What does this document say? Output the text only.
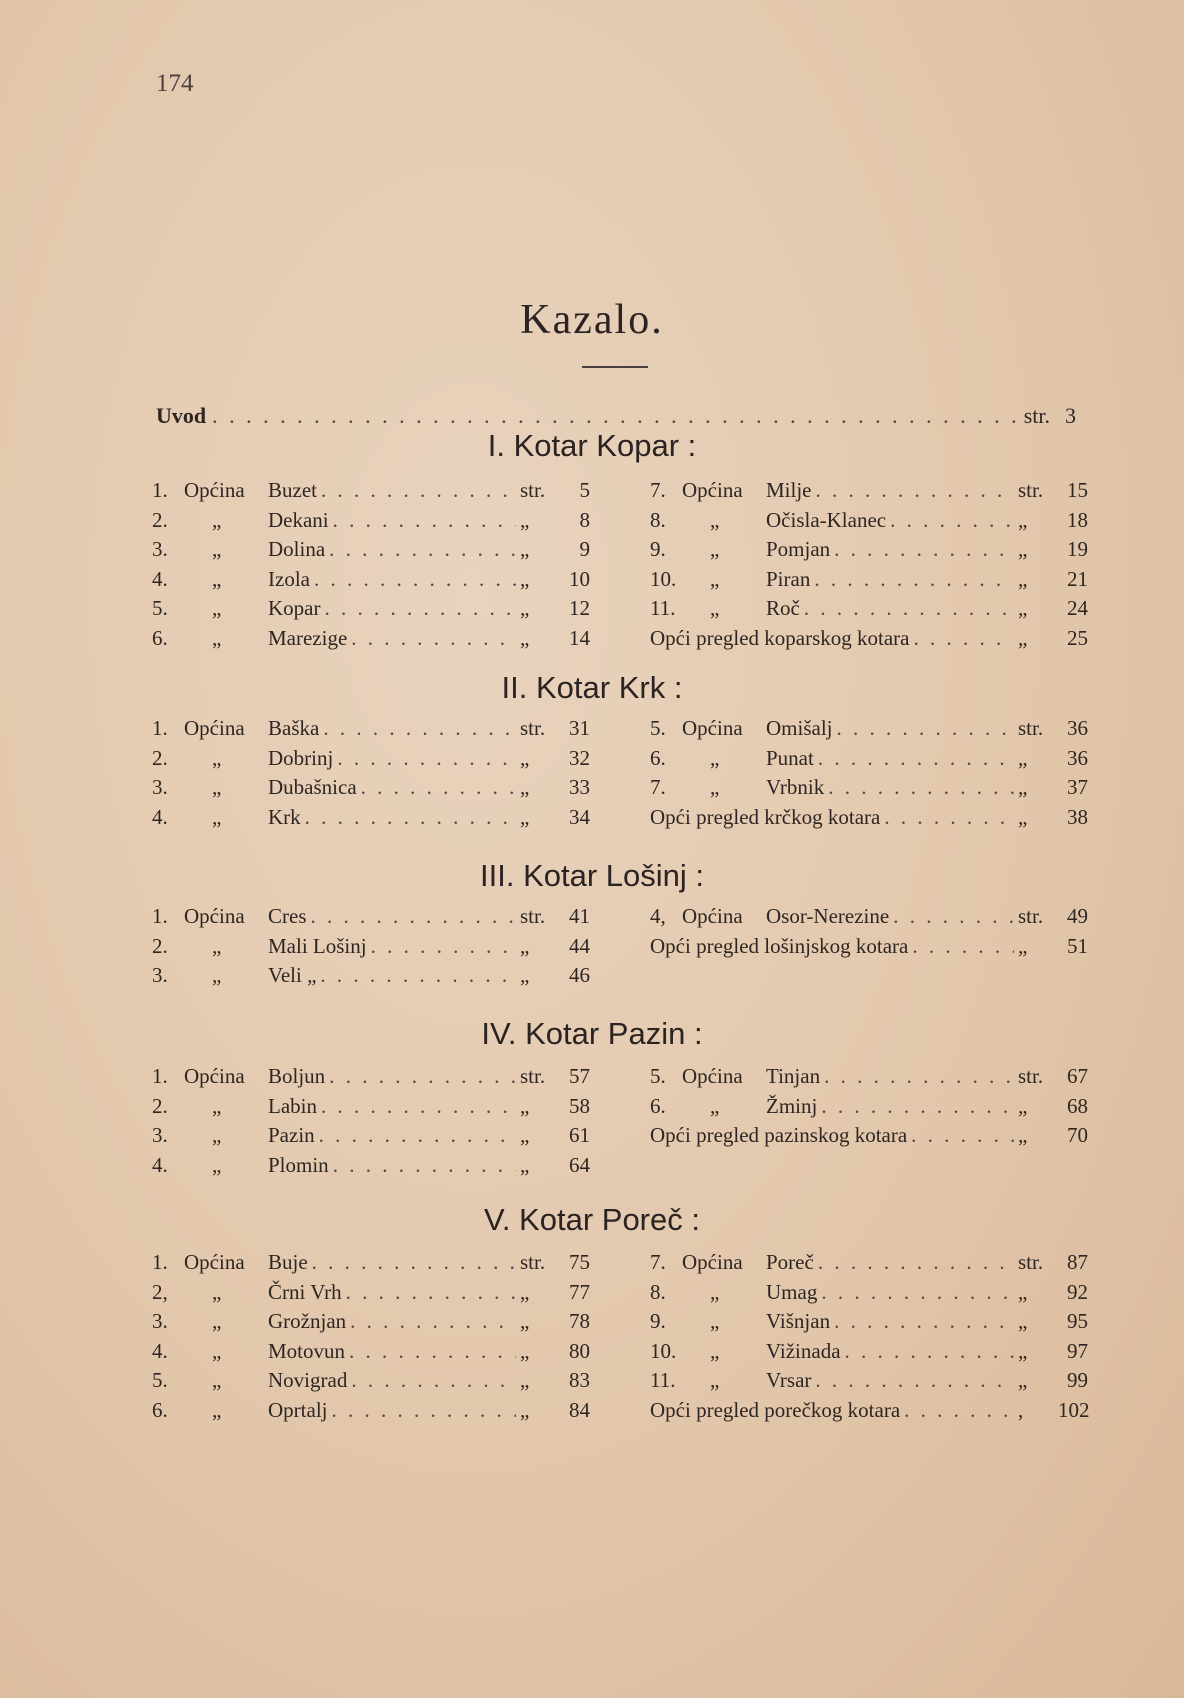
174
Kazalo.
Uvod . . .	str. 3
I. Kotar Kopar :
1. Općina	Buzet . . .	str.	5
2.	„	Dekani . . .	„	8
3.	„	Dolina . . .	„	9
4.	„	Izola . . .	„	10
5.	„	Kopar . . .	„	12
6.	„	Marezige . . .	„	14
7. Općina	Milje . . .	str.	15
8.	„	Očisla-Klanec . . .	„	18
9.	„	Pomjan . . .	„	19
10.	„	Piran . . .	„	21
11.	„	Roč . . .	„	24
Opći pregled koparskog kotara . . .	„	25
II. Kotar Krk :
1. Općina	Baška . . .	str.	31
2.	„	Dobrinj . . .	„	32
3.	„	Dubašnica . . .	„	33
4.	„	Krk . . .	„	34
5. Općina	Omišalj . . .	str.	36
6.	„	Punat . . .	„	36
7.	„	Vrbnik . . .	„	37
Opći pregled krčkog kotara . . .	„	38
III. Kotar Lošinj :
1. Općina	Cres . . .	str.	41
2.	„	Mali Lošinj . . .	„	44
3.	„	Veli „ . . .	„	46
4, Općina	Osor-Nerezine . . .	str.	49
Opći pregled lošinjskog kotara . . .	„	51
IV. Kotar Pazin :
1. Općina	Boljun . . .	str.	57
2.	„	Labin . . .	„	58
3.	„	Pazin . . .	„	61
4.	„	Plomin . . .	„	64
5. Općina	Tinjan . . .	str.	67
6.	„	Žminj . . .	„	68
Opći pregled pazinskog kotara . . .	„	70
V. Kotar Poreč :
1. Općina	Buje . . .	str.	75
2,	„	Črni Vrh . . .	„	77
3.	„	Grožnjan . . .	„	78
4.	„	Motovun . . .	„	80
5.	„	Novigrad . . .	„	83
6.	„	Oprtalj . . .	„	84
7. Općina	Poreč . . .	str.	87
8.	„	Umag . . .	„	92
9.	„	Višnjan . . .	„	95
10.	„	Vižinada . . .	„	97
11.	„	Vrsar . . .	„	99
Opći pregled porečkog kotara . . .	,	102
